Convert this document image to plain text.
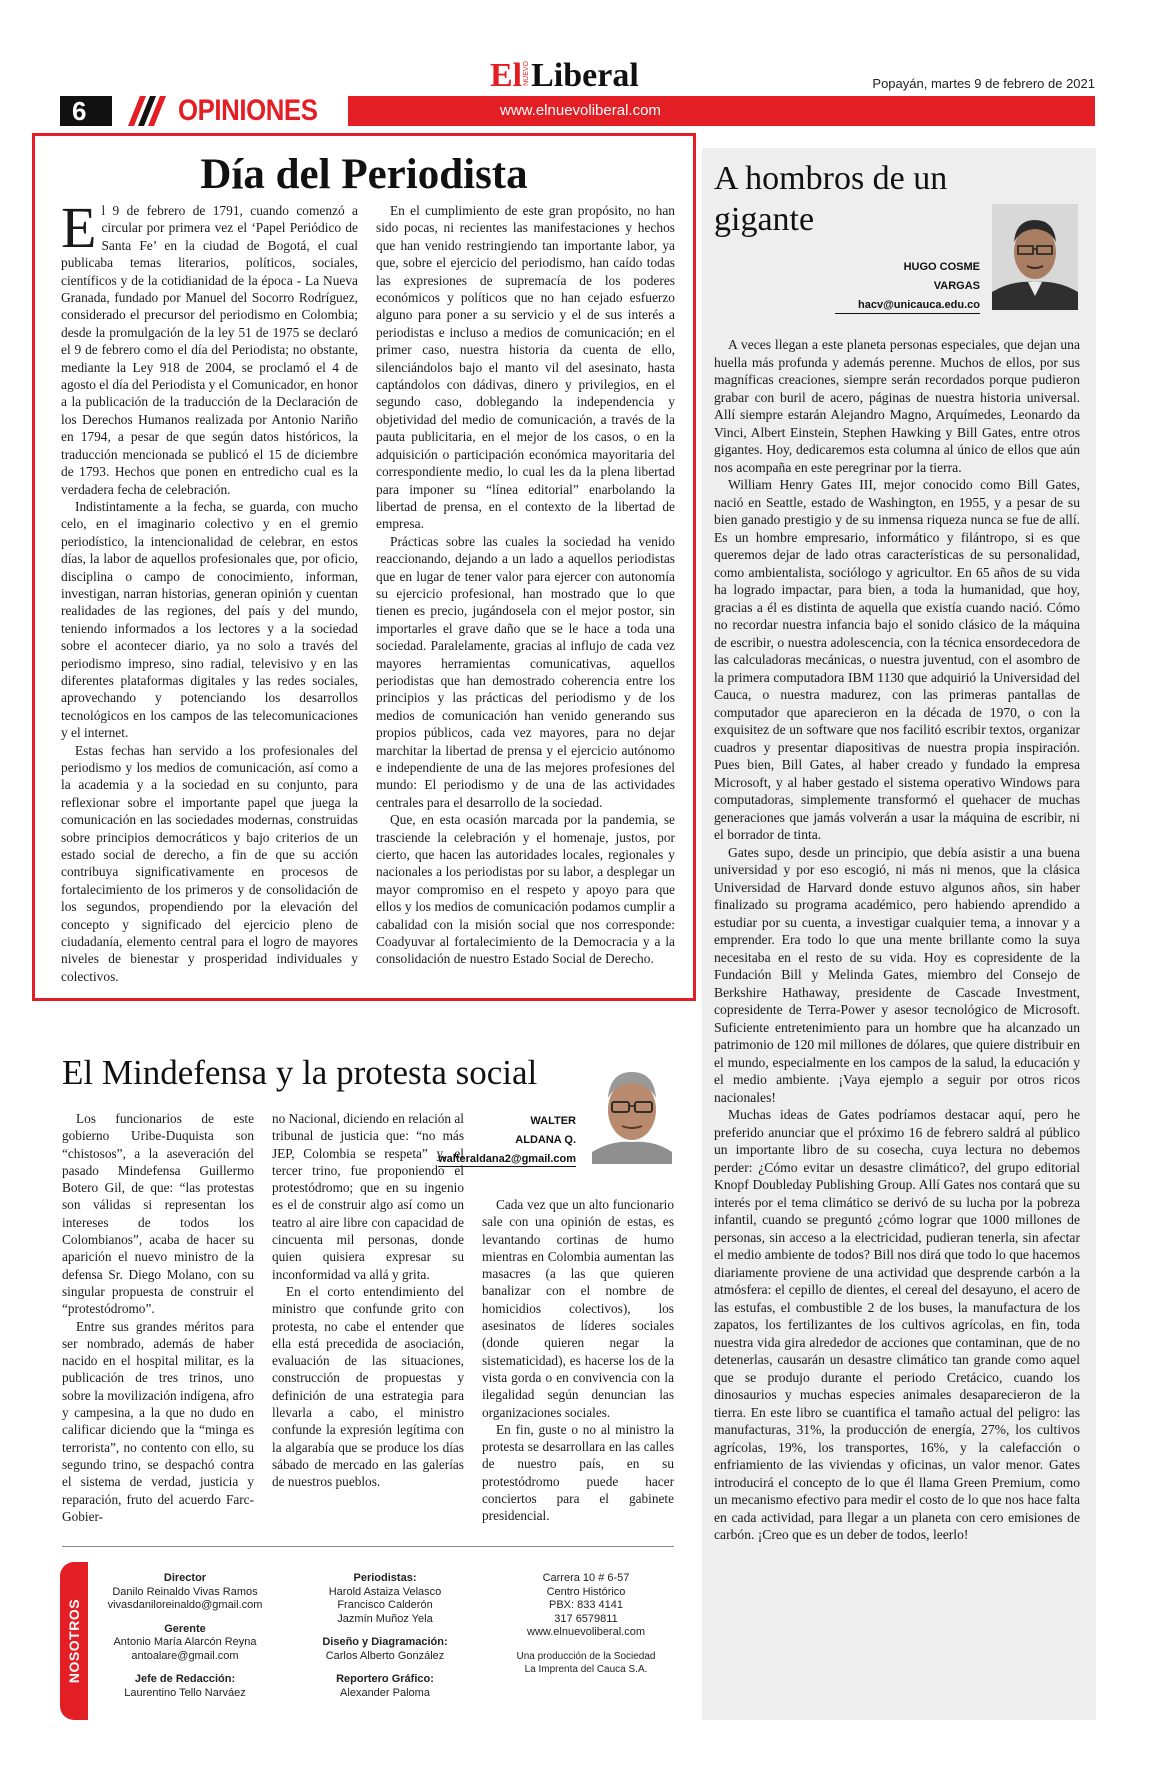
ElNUEVOLiberal	Popayán, martes 9 de febrero de 2021
6	OPINIONES	www.elnuevoliberal.com
Día del Periodista

El 9 de febrero de 1791, cuando comenzó a circular por primera vez el ‘Papel Periódico de Santa Fe’ en la ciudad de Bogotá, el cual publicaba temas literarios, políticos, sociales, científicos y de la cotidianidad de la época - La Nueva Granada, fundado por Manuel del Socorro Rodríguez, considerado el precursor del periodismo en Colombia; desde la promulgación de la ley 51 de 1975 se declaró el 9 de febrero como el día del Periodista; no obstante, mediante la Ley 918 de 2004, se proclamó el 4 de agosto el día del Periodista y el Comunicador, en honor a la publicación de la traducción de la Declaración de los Derechos Humanos realizada por Antonio Nariño en 1794, a pesar de que según datos históricos, la traducción mencionada se publicó el 15 de diciembre de 1793. Hechos que ponen en entredicho cual es la verdadera fecha de celebración.

Indistintamente a la fecha, se guarda, con mucho celo, en el imaginario colectivo y en el gremio periodístico, la intencionalidad de celebrar, en estos días, la labor de aquellos profesionales que, por oficio, disciplina o campo de conocimiento, informan, investigan, narran historias, generan opinión y cuentan realidades de las regiones, del país y del mundo, teniendo informados a los lectores y a la sociedad sobre el acontecer diario, ya no solo a través del periodismo impreso, sino radial, televisivo y en las diferentes plataformas digitales y las redes sociales, aprovechando y potenciando los desarrollos tecnológicos en los campos de las telecomunicaciones y el internet.

Estas fechas han servido a los profesionales del periodismo y los medios de comunicación, así como a la academia y a la sociedad en su conjunto, para reflexionar sobre el importante papel que juega la comunicación en las sociedades modernas, construidas sobre principios democráticos y bajo criterios de un estado social de derecho, a fin de que su acción contribuya significativamente en procesos de fortalecimiento de los primeros y de consolidación de los segundos, propendiendo por la elevación del concepto y significado del ejercicio pleno de ciudadanía, elemento central para el logro de mayores niveles de bienestar y prosperidad individuales y colectivos.

En el cumplimiento de este gran propósito, no han sido pocas, ni recientes las manifestaciones y hechos que han venido restringiendo tan importante labor, ya que, sobre el ejercicio del periodismo, han caído todas las expresiones de supremacía de los poderes económicos y políticos que no han cejado esfuerzo alguno para poner a su servicio y el de sus interés a periodistas e incluso a medios de comunicación; en el primer caso, nuestra historia da cuenta de ello, silenciándolos bajo el manto vil del asesinato, hasta captándolos con dádivas, dinero y privilegios, en el segundo caso, doblegando la independencia y objetividad del medio de comunicación, a través de la pauta publicitaria, en el mejor de los casos, o en la adquisición o participación económica mayoritaria del correspondiente medio, lo cual les da la plena libertad para imponer su “línea editorial” enarbolando la libertad de prensa, en el contexto de la libertad de empresa.

Prácticas sobre las cuales la sociedad ha venido reaccionando, dejando a un lado a aquellos periodistas que en lugar de tener valor para ejercer con autonomía su ejercicio profesional, han mostrado que lo que tienen es precio, jugándosela con el mejor postor, sin importarles el grave daño que se le hace a toda una sociedad. Paralelamente, gracias al influjo de cada vez mayores herramientas comunicativas, aquellos periodistas que han demostrado coherencia entre los principios y las prácticas del periodismo y de los medios de comunicación han venido generando sus propios públicos, cada vez mayores, para no dejar marchitar la libertad de prensa y el ejercicio autónomo e independiente de una de las mejores profesiones del mundo: El periodismo y de una de las actividades centrales para el desarrollo de la sociedad.

Que, en esta ocasión marcada por la pandemia, se trasciende la celebración y el homenaje, justos, por cierto, que hacen las autoridades locales, regionales y nacionales a los periodistas por su labor, a desplegar un mayor compromiso en el respeto y apoyo para que ellos y los medios de comunicación podamos cumplir a cabalidad con la misión social que nos corresponde: Coadyuvar al fortalecimiento de la Democracia y a la consolidación de nuestro Estado Social de Derecho.

A hombros de un gigante
HUGO COSME
VARGAS
hacv@unicauca.edu.co

A veces llegan a este planeta personas especiales, que dejan una huella más profunda y además perenne. Muchos de ellos, por sus magníficas creaciones, siempre serán recordados porque pudieron grabar con buril de acero, páginas de nuestra historia universal. Allí siempre estarán Alejandro Magno, Arquímedes, Leonardo da Vinci, Albert Einstein, Stephen Hawking y Bill Gates, entre otros gigantes. Hoy, dedicaremos esta columna al único de ellos que aún nos acompaña en este peregrinar por la tierra.

William Henry Gates III, mejor conocido como Bill Gates, nació en Seattle, estado de Washington, en 1955, y a pesar de su bien ganado prestigio y de su inmensa riqueza nunca se fue de allí. Es un hombre empresario, informático y filántropo, si es que queremos dejar de lado otras características de su personalidad, como ambientalista, sociólogo y agricultor. En 65 años de su vida ha logrado impactar, para bien, a toda la humanidad, que hoy, gracias a él es distinta de aquella que existía cuando nació. Cómo no recordar nuestra infancia bajo el sonido clásico de la máquina de escribir, o nuestra adolescencia, con la técnica ensordecedora de las calculadoras mecánicas, o nuestra juventud, con el asombro de la primera computadora IBM 1130 que adquirió la Universidad del Cauca, o nuestra madurez, con las primeras pantallas de computador que aparecieron en la década de 1970, o con la exquisitez de un software que nos facilitó escribir textos, organizar cuadros y presentar diapositivas de nuestra propia inspiración. Pues bien, Bill Gates, al haber creado y fundado la empresa Microsoft, y al haber gestado el sistema operativo Windows para computadoras, simplemente transformó el quehacer de muchas generaciones que jamás volverán a usar la máquina de escribir, ni el borrador de tinta.

Gates supo, desde un principio, que debía asistir a una buena universidad y por eso escogió, ni más ni menos, que la clásica Universidad de Harvard donde estuvo algunos años, sin haber finalizado su programa académico, pero habiendo aprendido a estudiar por su cuenta, a investigar cualquier tema, a innovar y a emprender. Era todo lo que una mente brillante como la suya necesitaba en el resto de su vida. Hoy es copresidente de la Fundación Bill y Melinda Gates, miembro del Consejo de Berkshire Hathaway, presidente de Cascade Investment, copresidente de Terra-Power y asesor tecnológico de Microsoft. Suficiente entretenimiento para un hombre que ha alcanzado un patrimonio de 120 mil millones de dólares, que quiere distribuir en el mundo, especialmente en los campos de la salud, la educación y el medio ambiente. ¡Vaya ejemplo a seguir por otros ricos nacionales!

Muchas ideas de Gates podríamos destacar aquí, pero he preferido anunciar que el próximo 16 de febrero saldrá al público un importante libro de su cosecha, cuya lectura no debemos perder: ¿Cómo evitar un desastre climático?, del grupo editorial Knopf Doubleday Publishing Group. Allí Gates nos contará que su interés por el tema climático se derivó de su lucha por la pobreza infantil, cuando se preguntó ¿cómo lograr que 1000 millones de personas, sin acceso a la electricidad, pudieran tenerla, sin afectar el medio ambiente de todos? Bill nos dirá que todo lo que hacemos diariamente proviene de una actividad que desprende carbón a la atmósfera: el cepillo de dientes, el cereal del desayuno, el acero de las estufas, el combustible 2 de los buses, la manufactura de los zapatos, los fertilizantes de los cultivos agrícolas, en fin, toda nuestra vida gira alrededor de acciones que contaminan, que de no detenerlas, causarán un desastre climático tan grande como aquel que se produjo durante el periodo Cretácico, cuando los dinosaurios y muchas especies animales desaparecieron de la tierra. En este libro se cuantifica el tamaño actual del peligro: las manufacturas, 31%, la producción de energía, 27%, los cultivos agrícolas, 19%, los transportes, 16%, y la calefacción o enfriamiento de las viviendas y oficinas, un valor menor. Gates introducirá el concepto de lo que él llama Green Premium, como un mecanismo efectivo para medir el costo de lo que nos hace falta en cada actividad, para llegar a un planeta con cero emisiones de carbón. ¡Creo que es un deber de todos, leerlo!

El Mindefensa y la protesta social
WALTER
ALDANA Q.
walteraldana2@gmail.com

Los funcionarios de este gobierno Uribe-Duquista son “chistosos”, a la aseveración del pasado Mindefensa Guillermo Botero Gil, de que: “las protestas son válidas si representan los intereses de todos los Colombianos”, acaba de hacer su aparición el nuevo ministro de la defensa Sr. Diego Molano, con su singular propuesta de construir el “protestódromo”.

Entre sus grandes méritos para ser nombrado, además de haber nacido en el hospital militar, es la publicación de tres trinos, uno sobre la movilización indígena, afro y campesina, a la que no dudo en calificar diciendo que la “minga es terrorista”, no contento con ello, su segundo trino, se despachó contra el sistema de verdad, justicia y reparación, fruto del acuerdo Farc-Gobier-

no Nacional, diciendo en relación al tribunal de justicia que: “no más JEP, Colombia se respeta” y, el tercer trino, fue proponiendo el protestódromo; que en su ingenio es el de construir algo así como un teatro al aire libre con capacidad de cincuenta mil personas, donde quien quisiera expresar su inconformidad va allá y grita.

En el corto entendimiento del ministro que confunde grito con protesta, no cabe el entender que ella está precedida de asociación, evaluación de las situaciones, construcción de propuestas y definición de una estrategia para llevarla a cabo, el ministro confunde la expresión legítima con la algarabía que se produce los días sábado de mercado en las galerías de nuestros pueblos.

Cada vez que un alto funcionario sale con una opinión de estas, es levantando cortinas de humo mientras en Colombia aumentan las masacres (a las que quieren banalizar con el nombre de homicidios colectivos), los asesinatos de líderes sociales (donde quieren negar la sistematicidad), es hacerse los de la vista gorda o en convivencia con la ilegalidad según denuncian las organizaciones sociales.

En fin, guste o no al ministro la protesta se desarrollara en las calles de nuestro país, en su protestódromo puede hacer conciertos para el gabinete presidencial.

NOSOTROS
Director
Danilo Reinaldo Vivas Ramos
vivasdanilo​reinaldo@gmail.com
Gerente
Antonio María Alarcón Reyna
antoalare@gmail.com
Jefe de Redacción:
Laurentino Tello Narváez
Periodistas:
Harold Astaiza Velasco
Francisco Calderón
Jazmín Muñoz Yela
Diseño y Diagramación:
Carlos Alberto González
Reportero Gráfico:
Alexander Paloma
Carrera 10 # 6-57
Centro Histórico
PBX: 833 4141
317 6579811
www.elnuevoliberal.com
Una producción de la Sociedad
La Imprenta del Cauca S.A.
